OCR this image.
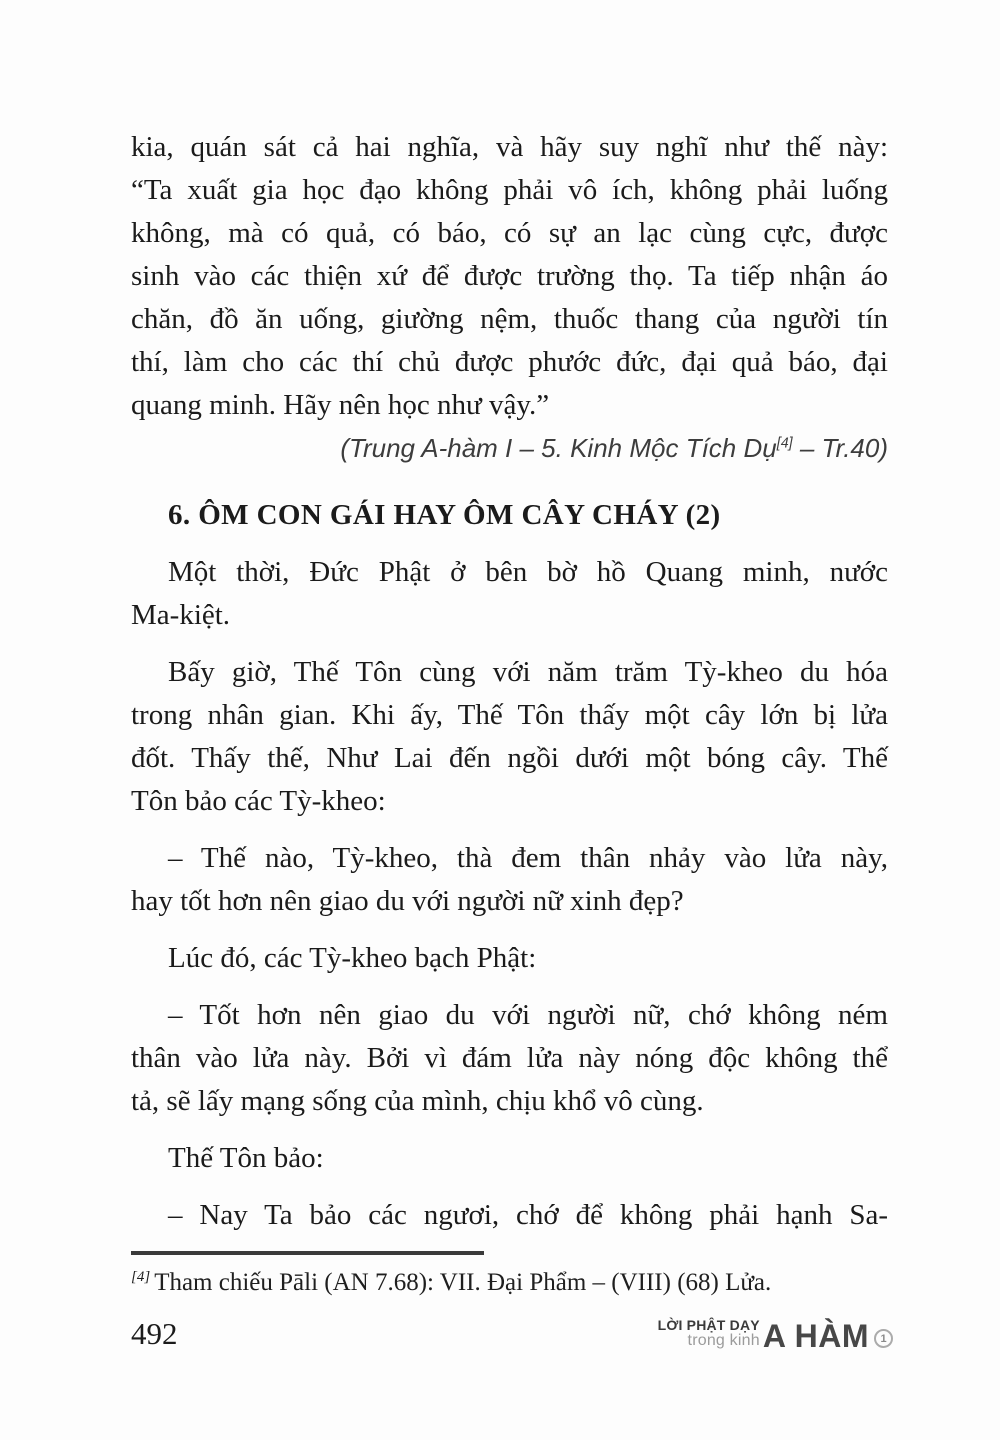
kia, quán sát cả hai nghĩa, và hãy suy nghĩ như thế này:
“Ta xuất gia học đạo không phải vô ích, không phải luống
không, mà có quả, có báo, có sự an lạc cùng cực, được
sinh vào các thiện xứ để được trường thọ. Ta tiếp nhận áo
chăn, đồ ăn uống, giường nệm, thuốc thang của người tín
thí, làm cho các thí chủ được phước đức, đại quả báo, đại
quang minh. Hãy nên học như vậy.”
(Trung A-hàm I – 5. Kinh Mộc Tích Dụ[4] – Tr.40)
6. ÔM CON GÁI HAY ÔM CÂY CHÁY (2)
Một thời, Đức Phật ở bên bờ hồ Quang minh, nước
Ma-kiệt.
Bấy giờ, Thế Tôn cùng với năm trăm Tỳ-kheo du hóa
trong nhân gian. Khi ấy, Thế Tôn thấy một cây lớn bị lửa
đốt. Thấy thế, Như Lai đến ngồi dưới một bóng cây. Thế
Tôn bảo các Tỳ-kheo:
– Thế nào, Tỳ-kheo, thà đem thân nhảy vào lửa này,
hay tốt hơn nên giao du với người nữ xinh đẹp?
Lúc đó, các Tỳ-kheo bạch Phật:
– Tốt hơn nên giao du với người nữ, chớ không ném
thân vào lửa này. Bởi vì đám lửa này nóng độc không thể
tả, sẽ lấy mạng sống của mình, chịu khổ vô cùng.
Thế Tôn bảo:
– Nay Ta bảo các ngươi, chớ để không phải hạnh Sa-
[4] Tham chiếu Pāli (AN 7.68): VII. Đại Phẩm – (VIII) (68) Lửa.
492	LỜI PHẬT DẠY
trong kinh A HÀM	1
